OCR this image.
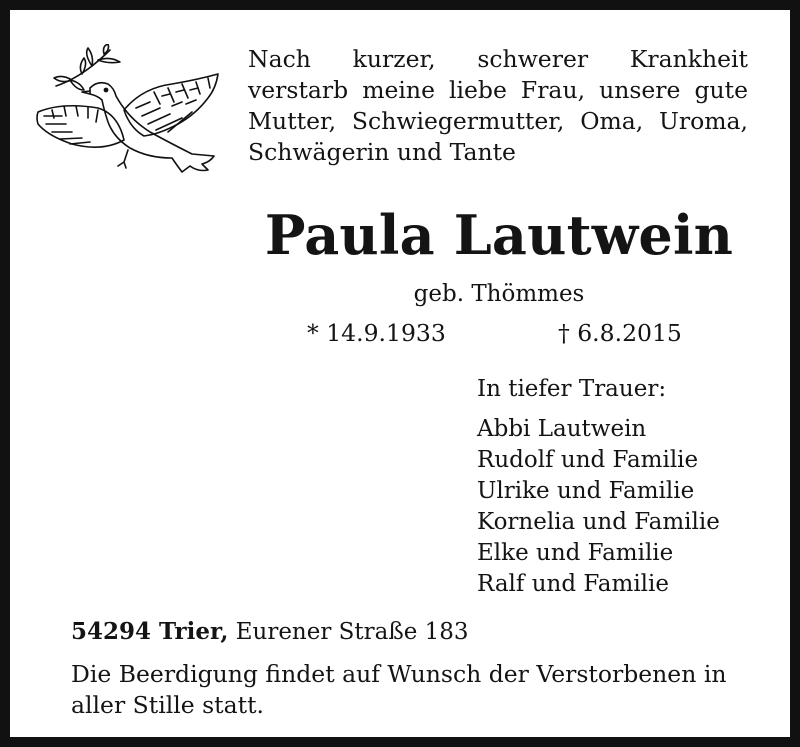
Nach kurzer, schwerer Krankheit verstarb meine liebe Frau, unsere gute Mutter, Schwiegermutter, Oma, Uroma, Schwägerin und Tante
Paula Lautwein
geb. Thömmes
* 14.9.1933	† 6.8.2015
In tiefer Trauer:
Abbi Lautwein
Rudolf und Familie
Ulrike und Familie
Kornelia und Familie
Elke und Familie
Ralf und Familie
54294 Trier, Eurener Straße 183
Die Beerdigung findet auf Wunsch der Verstorbenen in aller Stille statt.
